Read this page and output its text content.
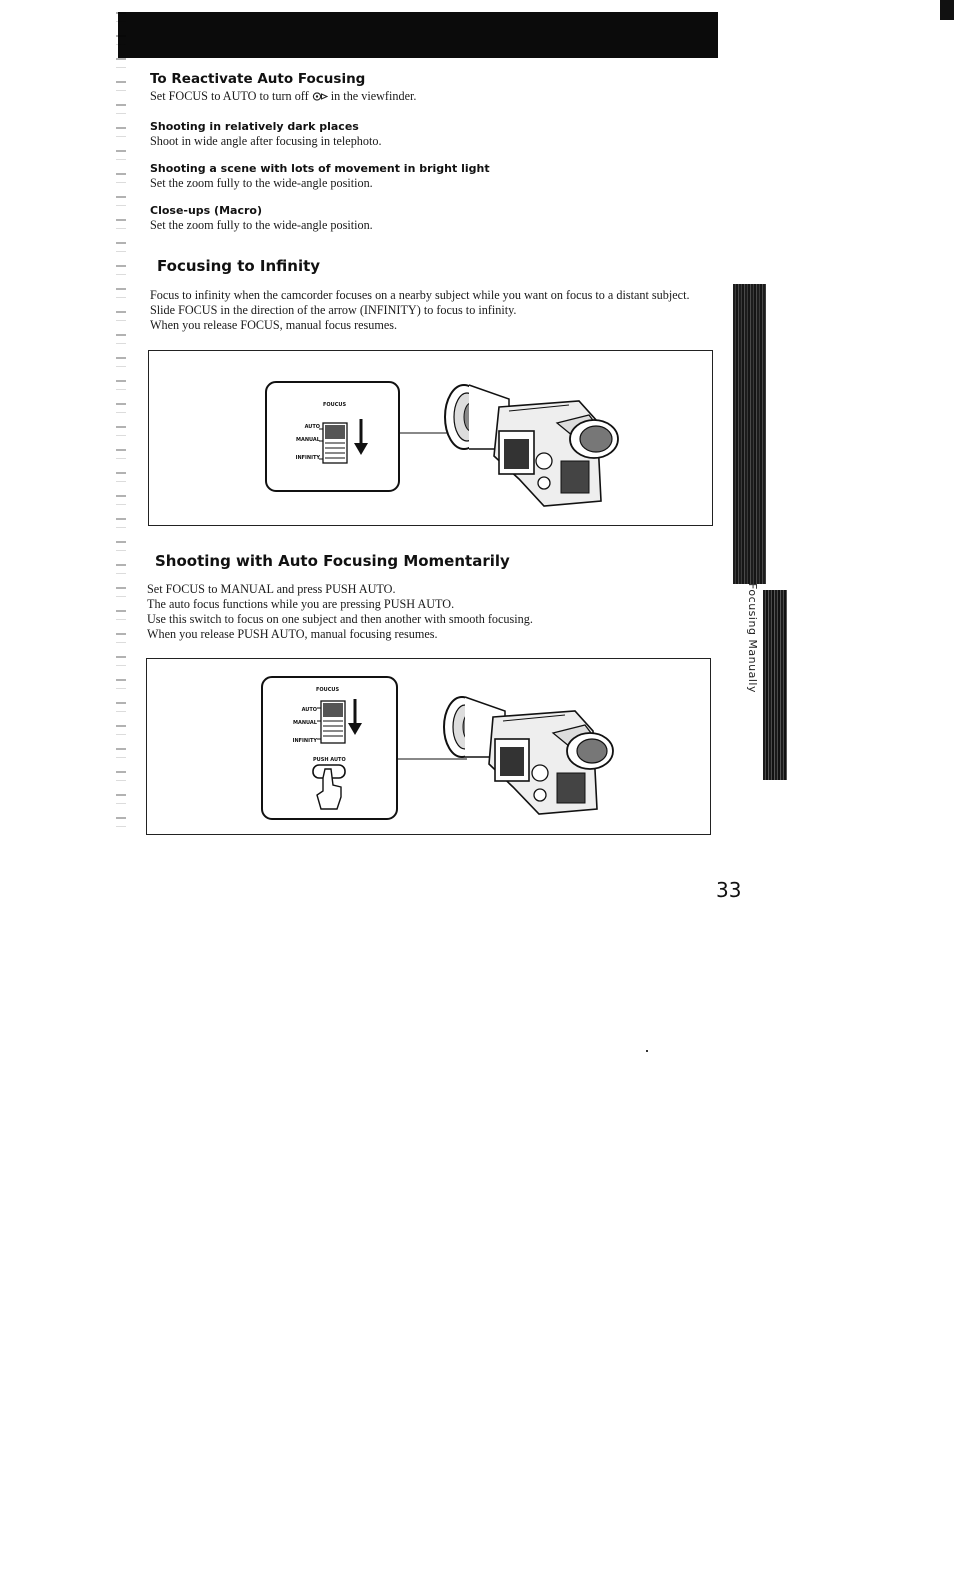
To Reactivate Auto Focusing
Set FOCUS to AUTO to turn off in the viewfinder.
Shooting in relatively dark places
Shoot in wide angle after focusing in telephoto.
Shooting a scene with lots of movement in bright light
Set the zoom fully to the wide-angle position.
Close-ups (Macro)
Set the zoom fully to the wide-angle position.
Focusing to Infinity
Focus to infinity when the camcorder focuses on a nearby subject while you want on focus to a distant subject.
Slide FOCUS in the direction of the arrow (INFINITY) to focus to infinity.
When you release FOCUS, manual focus resumes.
FOUCUS
AUTO
MANUAL
INFINITY
Shooting with Auto Focusing Momentarily
Set FOCUS to MANUAL and press PUSH AUTO.
The auto focus functions while you are pressing PUSH AUTO.
Use this switch to focus on one subject and then another with smooth focusing.
When you release PUSH AUTO, manual focusing resumes.
FOUCUS
AUTO
MANUAL
INFINITY
PUSH AUTO
Focusing Manually
33
